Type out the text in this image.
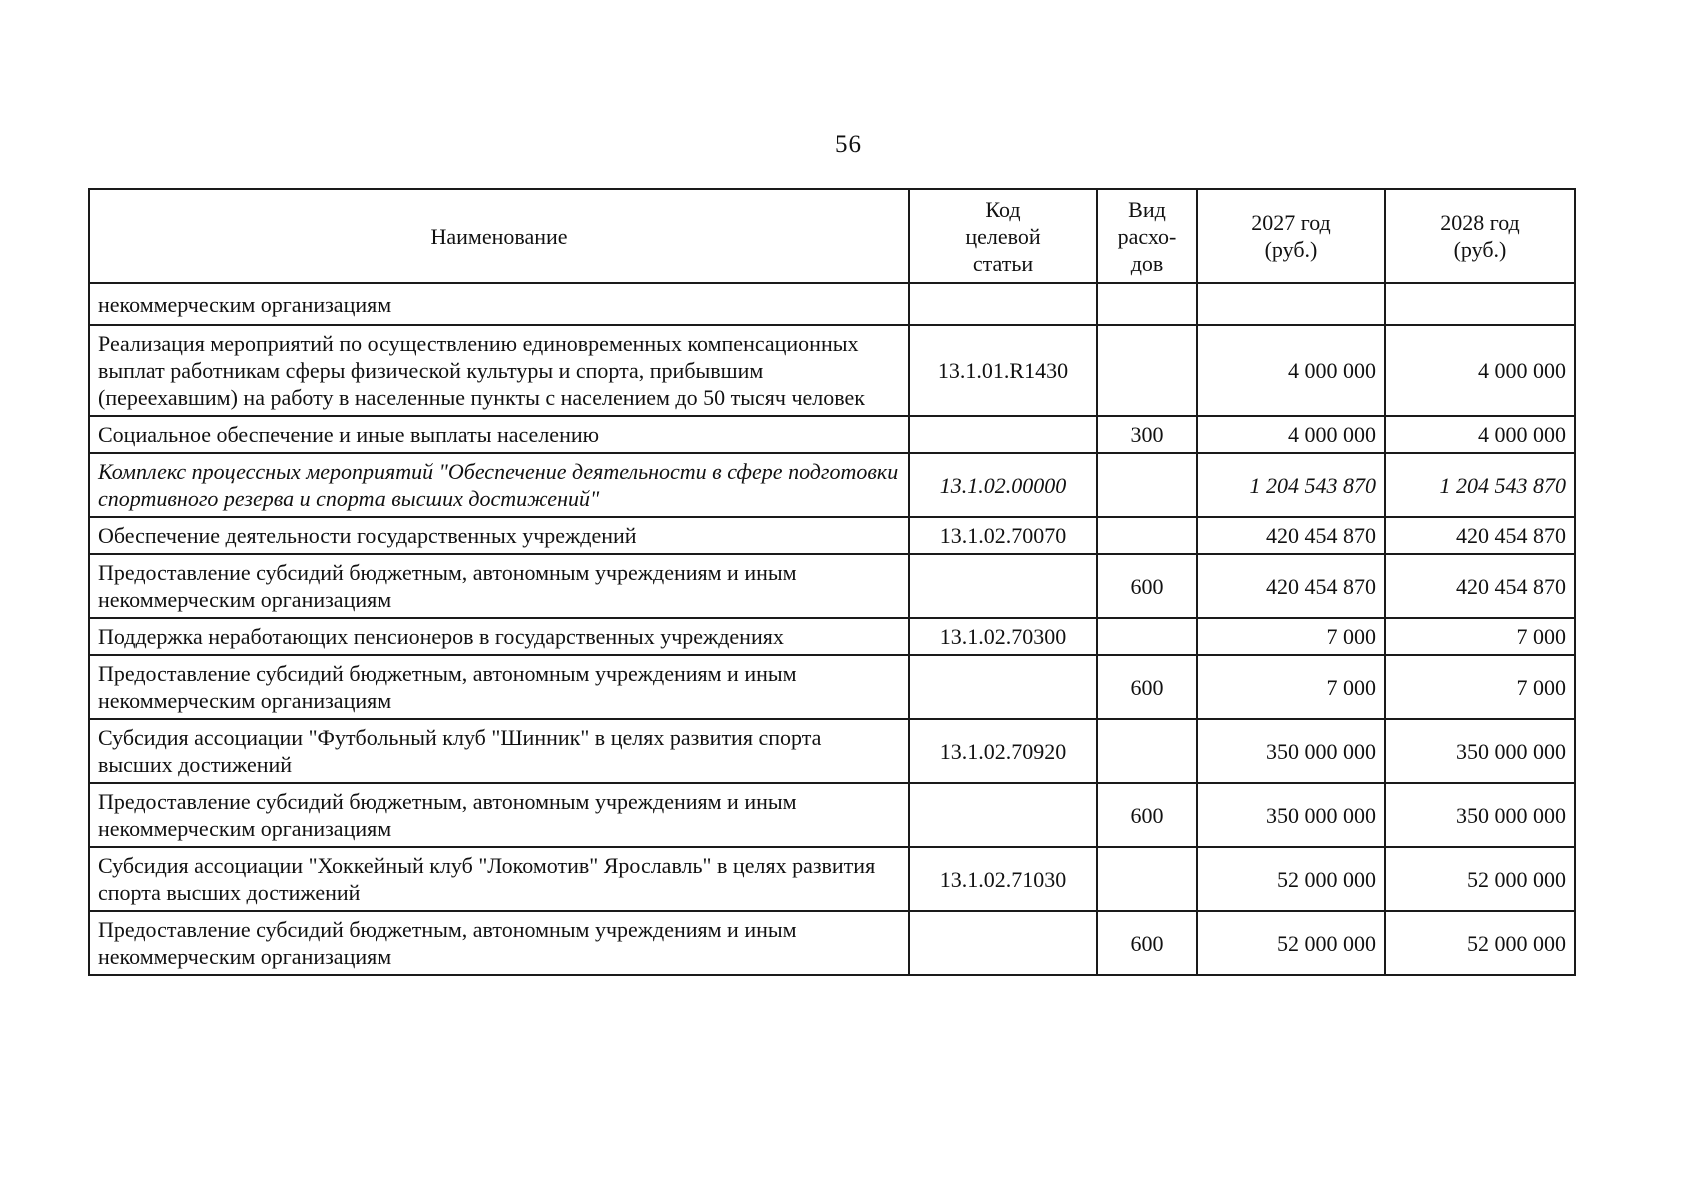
56
Наименование	Код целевой статьи	Вид расхо-дов	2027 год (руб.)	2028 год (руб.)
некоммерческим организациям				
Реализация мероприятий по осуществлению единовременных компенсационных выплат работникам сферы физической культуры и спорта, прибывшим (переехавшим) на работу в населенные пункты с населением до 50 тысяч человек	13.1.01.R1430		4 000 000	4 000 000
Социальное обеспечение и иные выплаты населению		300	4 000 000	4 000 000
Комплекс процессных мероприятий "Обеспечение деятельности в сфере подготовки спортивного резерва и спорта высших достижений"	13.1.02.00000		1 204 543 870	1 204 543 870
Обеспечение деятельности государственных учреждений	13.1.02.70070		420 454 870	420 454 870
Предоставление субсидий бюджетным, автономным учреждениям и иным некоммерческим организациям		600	420 454 870	420 454 870
Поддержка неработающих пенсионеров в государственных учреждениях	13.1.02.70300		7 000	7 000
Предоставление субсидий бюджетным, автономным учреждениям и иным некоммерческим организациям		600	7 000	7 000
Субсидия ассоциации "Футбольный клуб "Шинник" в целях развития спорта высших достижений	13.1.02.70920		350 000 000	350 000 000
Предоставление субсидий бюджетным, автономным учреждениям и иным некоммерческим организациям		600	350 000 000	350 000 000
Субсидия ассоциации "Хоккейный клуб "Локомотив" Ярославль" в целях развития спорта высших достижений	13.1.02.71030		52 000 000	52 000 000
Предоставление субсидий бюджетным, автономным учреждениям и иным некоммерческим организациям		600	52 000 000	52 000 000
